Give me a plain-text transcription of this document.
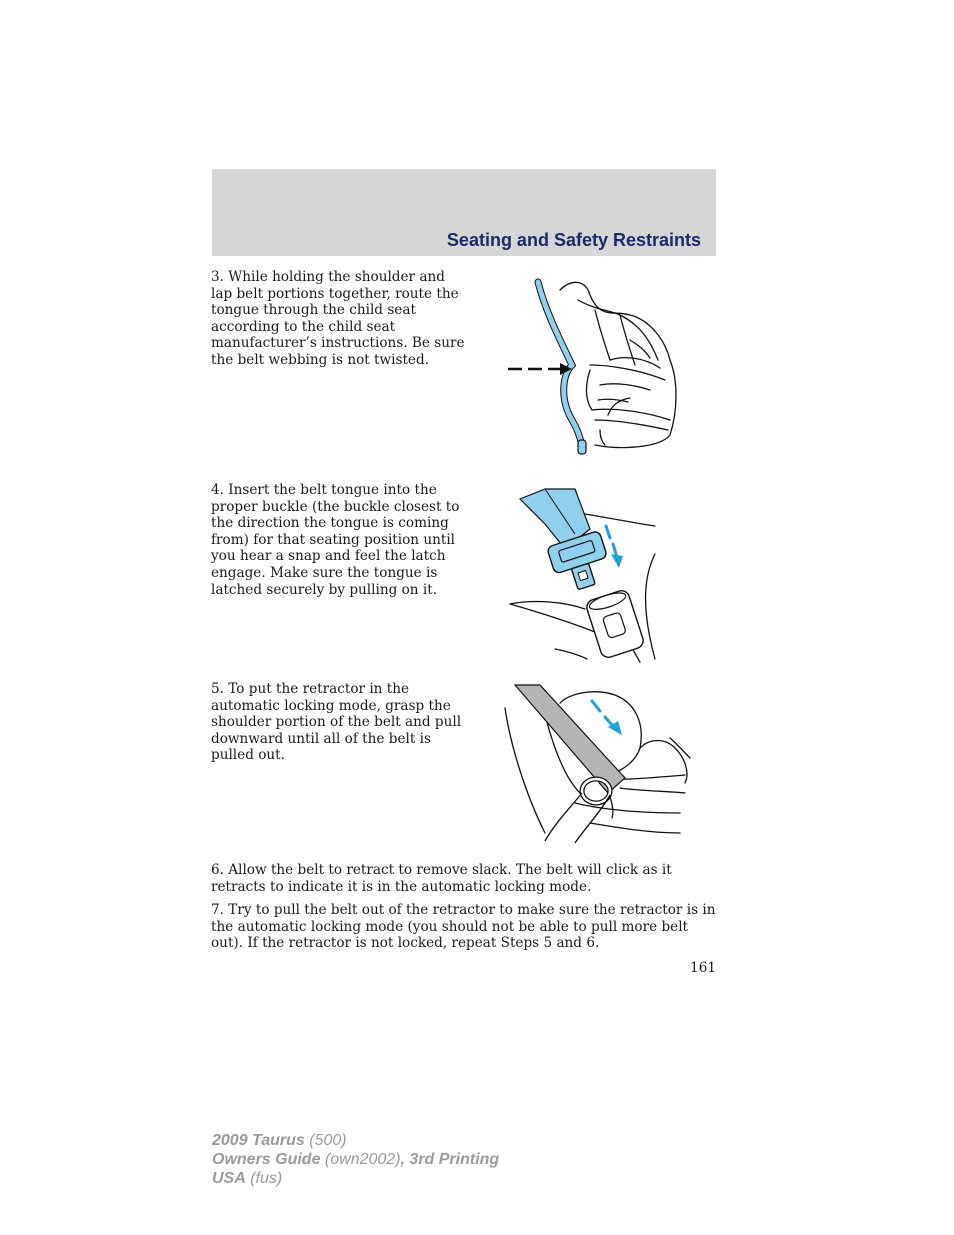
Seating and Safety Restraints

3. While holding the shoulder and lap belt portions together, route the tongue through the child seat according to the child seat manufacturer’s instructions. Be sure the belt webbing is not twisted.

4. Insert the belt tongue into the proper buckle (the buckle closest to the direction the tongue is coming from) for that seating position until you hear a snap and feel the latch engage. Make sure the tongue is latched securely by pulling on it.

5. To put the retractor in the automatic locking mode, grasp the shoulder portion of the belt and pull downward until all of the belt is pulled out.

6. Allow the belt to retract to remove slack. The belt will click as it retracts to indicate it is in the automatic locking mode.

7. Try to pull the belt out of the retractor to make sure the retractor is in the automatic locking mode (you should not be able to pull more belt out). If the retractor is not locked, repeat Steps 5 and 6.

161
2009 Taurus (500)
Owners Guide (own2002), 3rd Printing
USA (fus)
